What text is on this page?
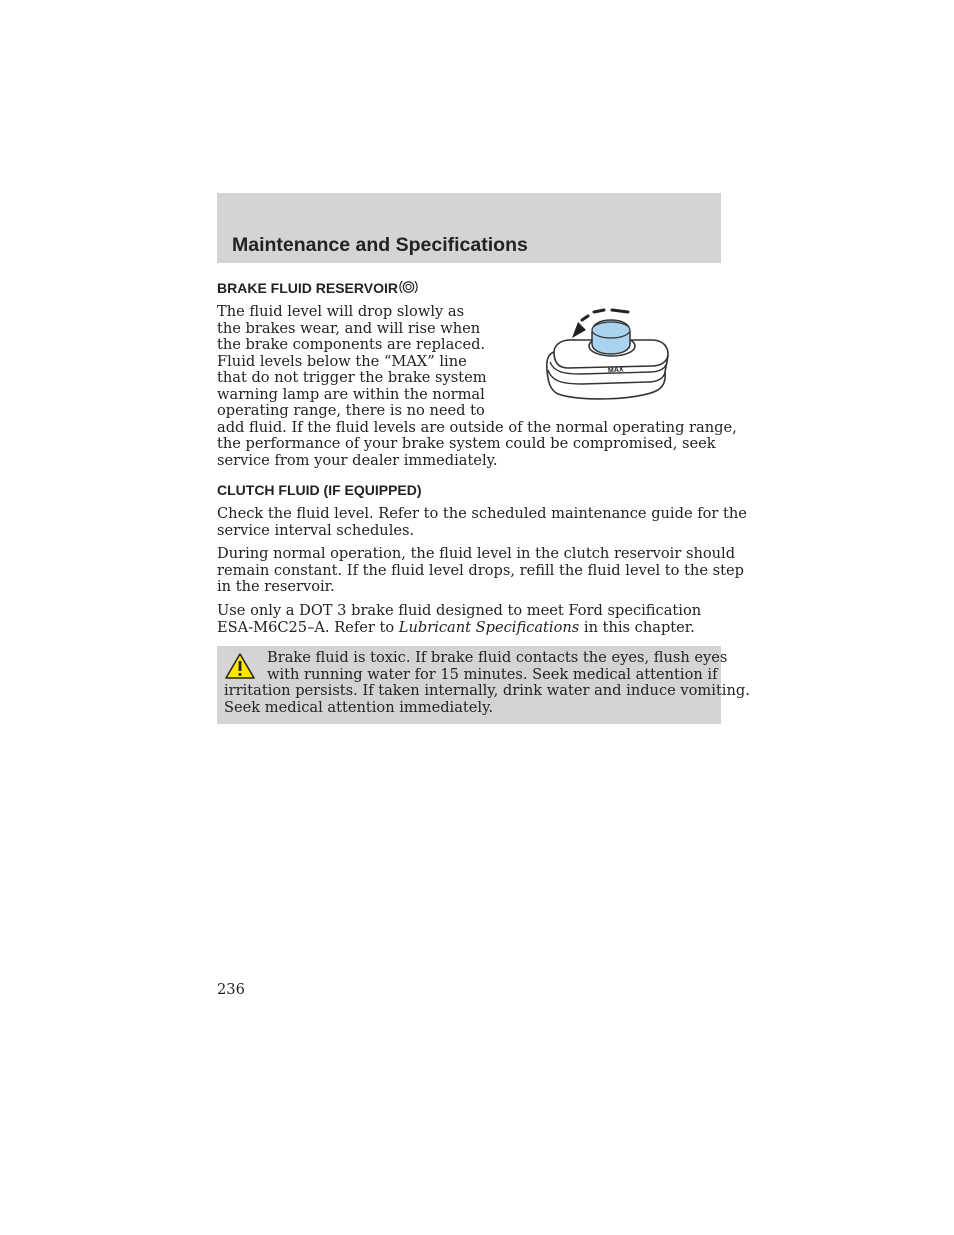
Maintenance and Specifications
BRAKE FLUID RESERVOIR
The fluid level will drop slowly as
the brakes wear, and will rise when
the brake components are replaced.
Fluid levels below the “MAX” line
that do not trigger the brake system
warning lamp are within the normal
operating range, there is no need to
add fluid. If the fluid levels are outside of the normal operating range,
the performance of your brake system could be compromised, seek
service from your dealer immediately.
MAX
CLUTCH FLUID (IF EQUIPPED)
Check the fluid level. Refer to the scheduled maintenance guide for the
service interval schedules.
During normal operation, the fluid level in the clutch reservoir should
remain constant. If the fluid level drops, refill the fluid level to the step
in the reservoir.
Use only a DOT 3 brake fluid designed to meet Ford specification
ESA-M6C25–A. Refer to Lubricant Specifications in this chapter.
Brake fluid is toxic. If brake fluid contacts the eyes, flush eyes
with running water for 15 minutes. Seek medical attention if
irritation persists. If taken internally, drink water and induce vomiting.
Seek medical attention immediately.
236
